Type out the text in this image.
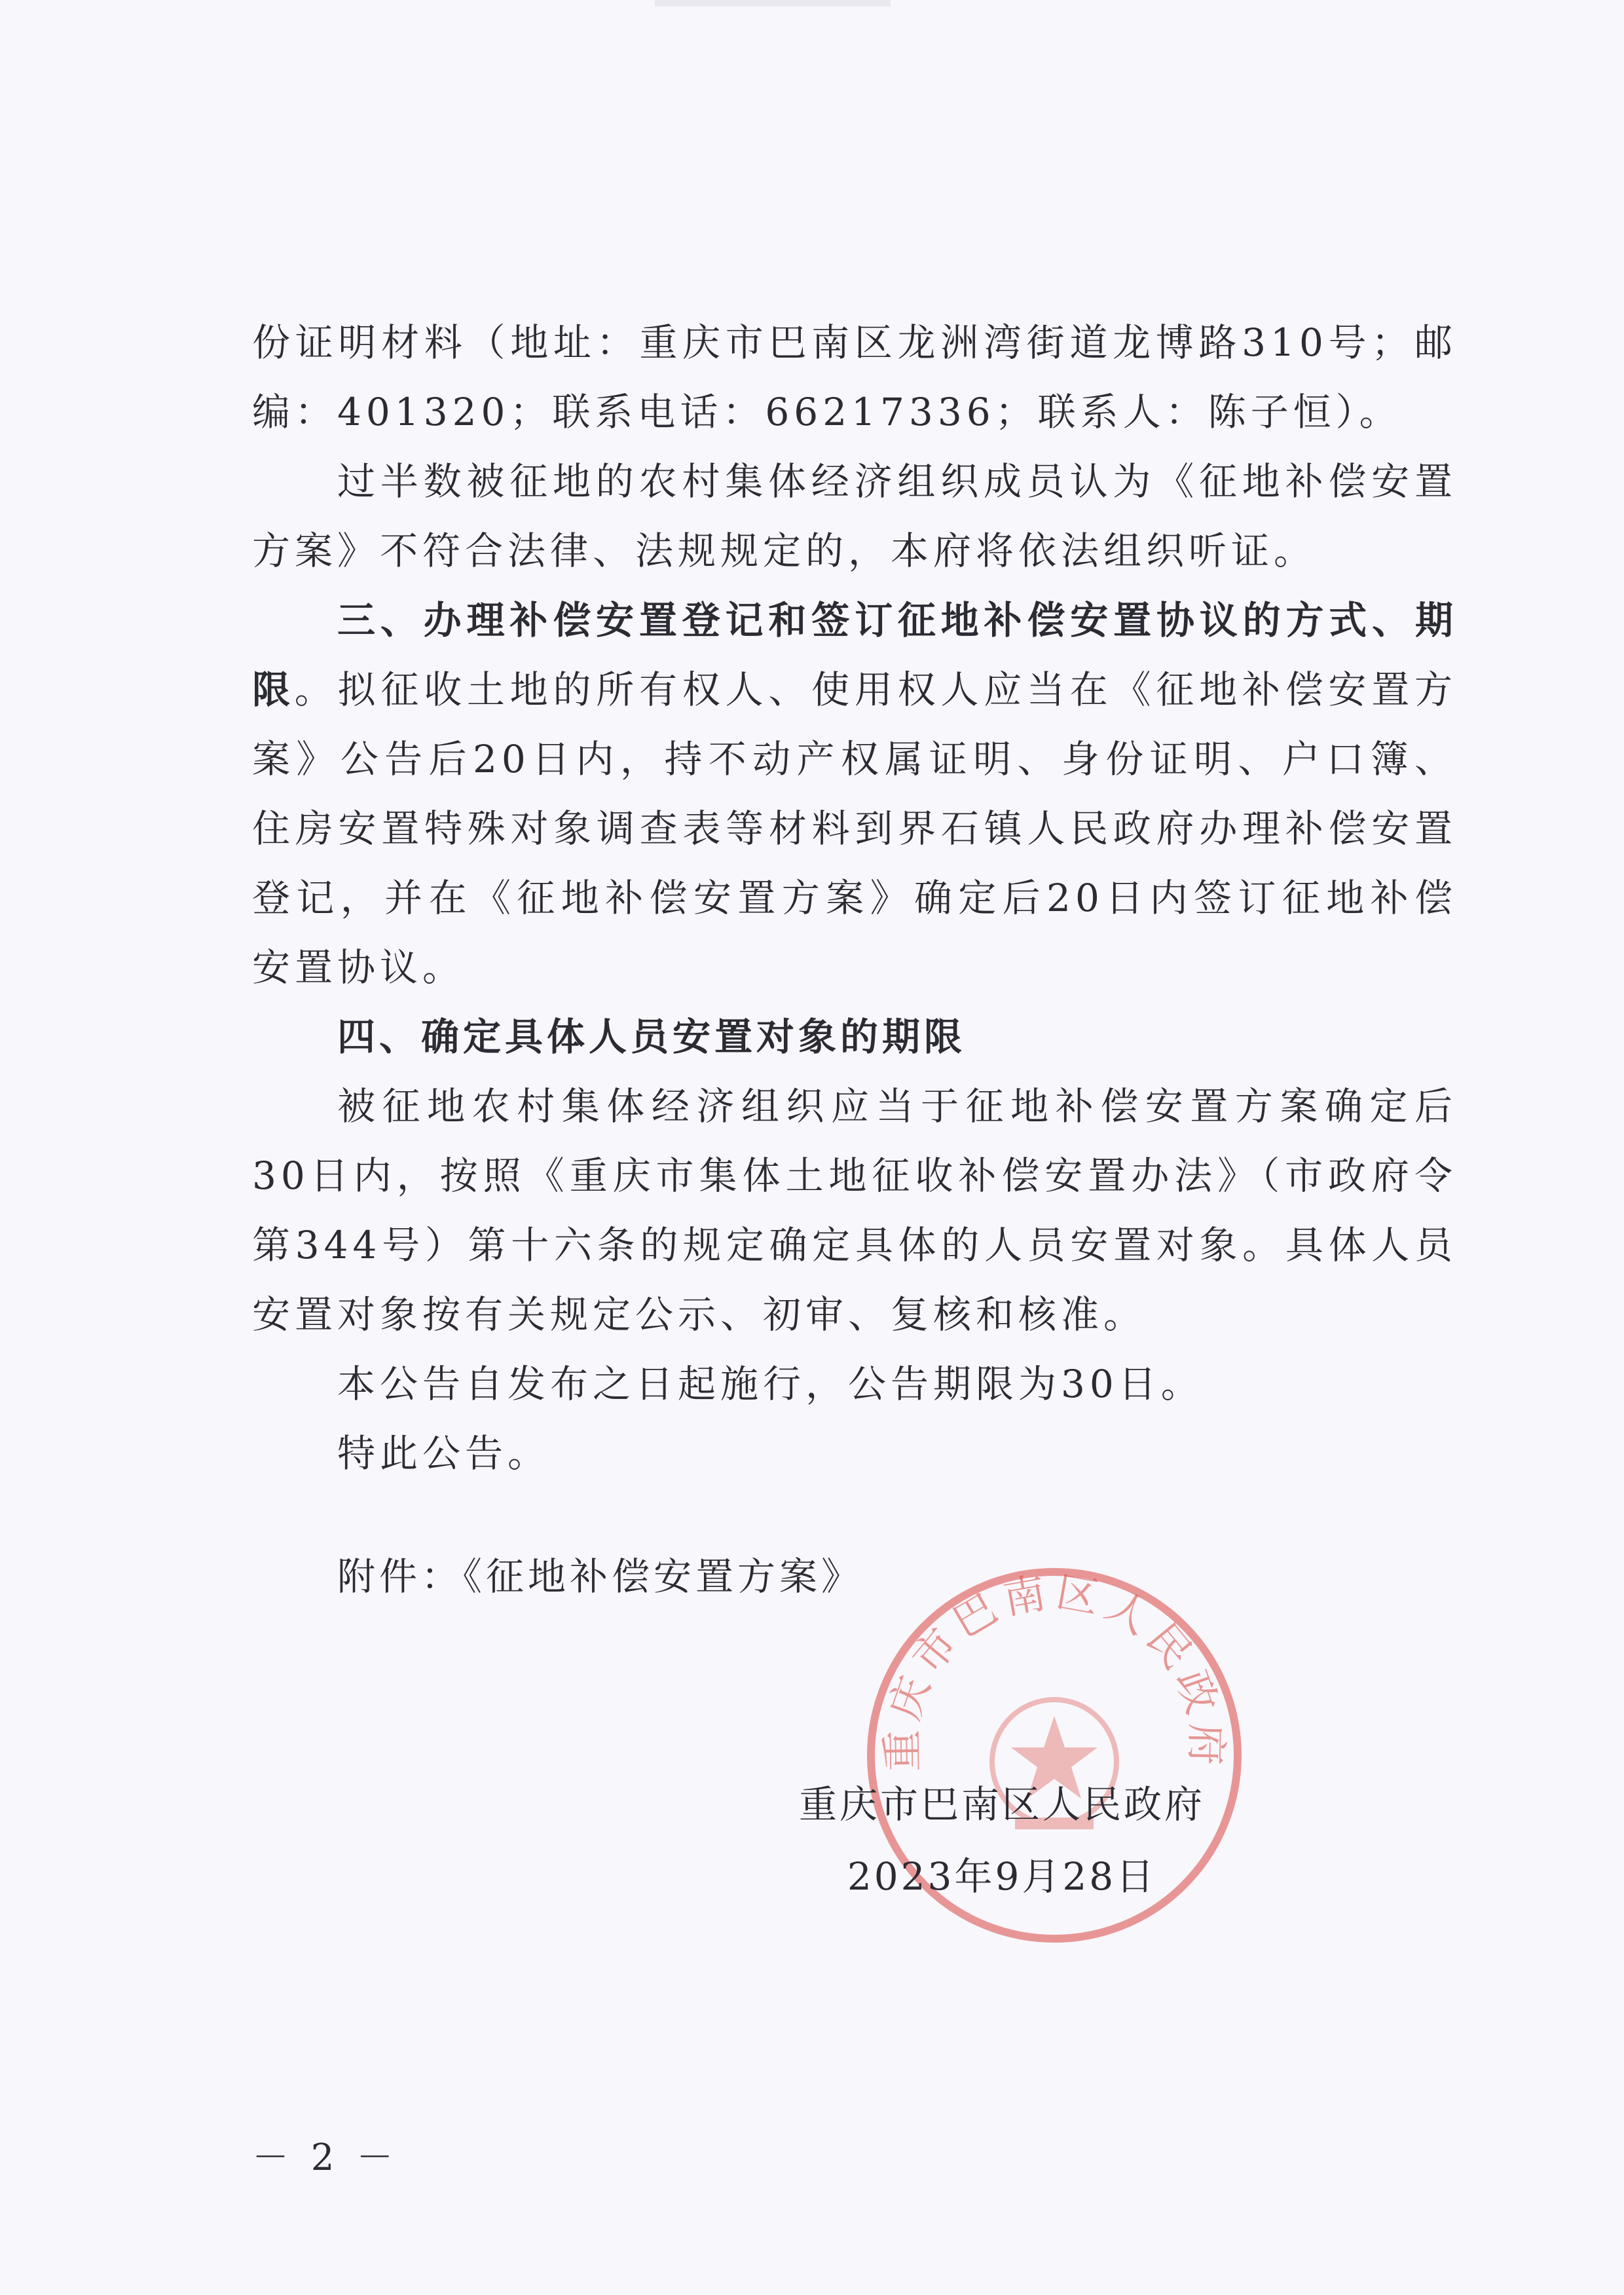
份证明材料（地址：重庆市巴南区龙洲湾街道龙博路310号；邮编：401320；联系电话：66217336；联系人：陈子恒）。

过半数被征地的农村集体经济组织成员认为《征地补偿安置方案》不符合法律、法规规定的，本府将依法组织听证。

三、办理补偿安置登记和签订征地补偿安置协议的方式、期限。拟征收土地的所有权人、使用权人应当在《征地补偿安置方案》公告后20日内，持不动产权属证明、身份证明、户口簿、住房安置特殊对象调查表等材料到界石镇人民政府办理补偿安置登记，并在《征地补偿安置方案》确定后20日内签订征地补偿安置协议。

四、确定具体人员安置对象的期限

被征地农村集体经济组织应当于征地补偿安置方案确定后30日内，按照《重庆市集体土地征收补偿安置办法》（市政府令第344号）第十六条的规定确定具体的人员安置对象。具体人员安置对象按有关规定公示、初审、复核和核准。

本公告自发布之日起施行，公告期限为30日。

特此公告。

附件：《征地补偿安置方案》
重庆市巴南区人民政府
重庆市巴南区人民政府
2023年9月28日
－ 2 －
